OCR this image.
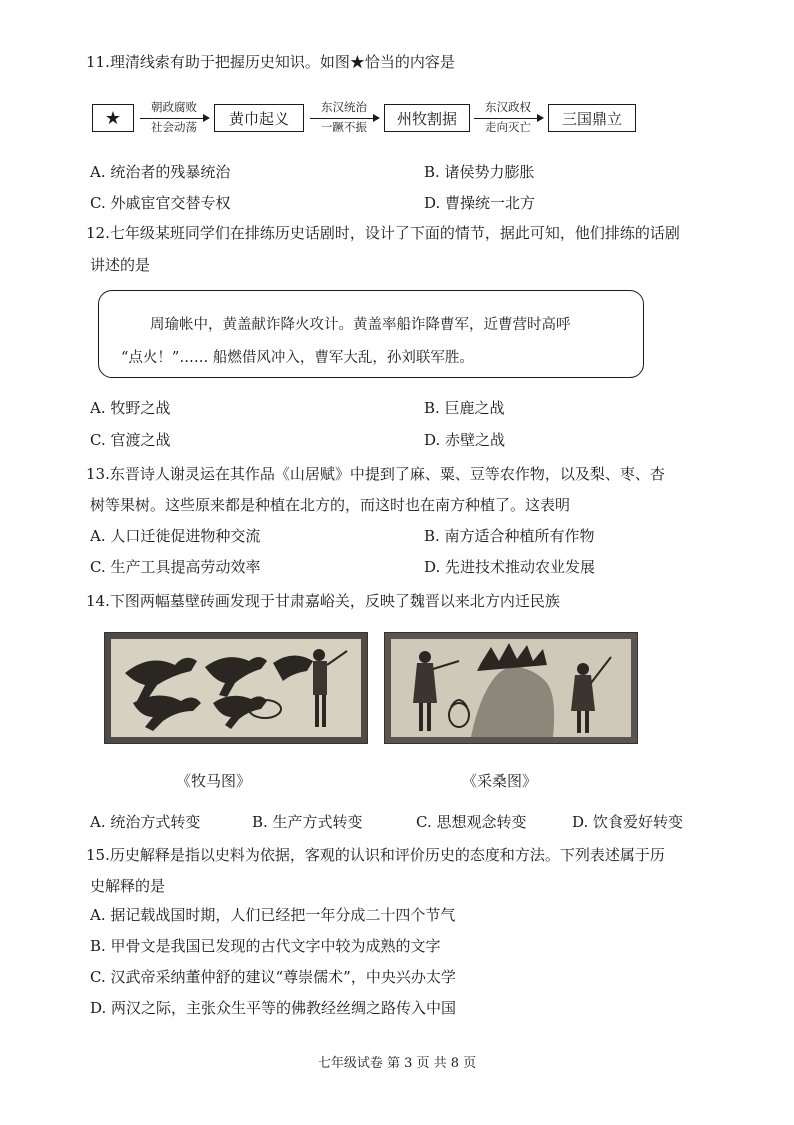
11.理清线索有助于把握历史知识。如图★恰当的内容是
★
朝政腐败
社会动荡	黄巾起义
东汉统治
一蹶不振	州牧割据
东汉政权
走向灭亡	三国鼎立
A. 统治者的残暴统治	B. 诸侯势力膨胀
C. 外戚宦官交替专权	D. 曹操统一北方
12.七年级某班同学们在排练历史话剧时，设计了下面的情节，据此可知，他们排练的话剧
讲述的是

周瑜帐中，黄盖献诈降火攻计。黄盖率船诈降曹军，近曹营时高呼

“点火！”…… 船燃借风冲入，曹军大乱，孙刘联军胜。
A. 牧野之战	B. 巨鹿之战
C. 官渡之战	D. 赤壁之战
13.东晋诗人谢灵运在其作品《山居赋》中提到了麻、粟、豆等农作物，以及梨、枣、杏
树等果树。这些原来都是种植在北方的，而这时也在南方种植了。这表明
A. 人口迁徙促进物种交流	B. 南方适合种植所有作物
C. 生产工具提高劳动效率	D. 先进技术推动农业发展
14.下图两幅墓壁砖画发现于甘肃嘉峪关，反映了魏晋以来北方内迁民族
《牧马图》	《采桑图》
A. 统治方式转变	B. 生产方式转变	C. 思想观念转变	D. 饮食爱好转变
15.历史解释是指以史料为依据，客观的认识和评价历史的态度和方法。下列表述属于历
史解释的是
A. 据记载战国时期，人们已经把一年分成二十四个节气
B. 甲骨文是我国已发现的古代文字中较为成熟的文字
C. 汉武帝采纳董仲舒的建议“尊崇儒术”，中央兴办太学
D. 两汉之际，主张众生平等的佛教经丝绸之路传入中国
七年级试卷 第 3 页 共 8 页
